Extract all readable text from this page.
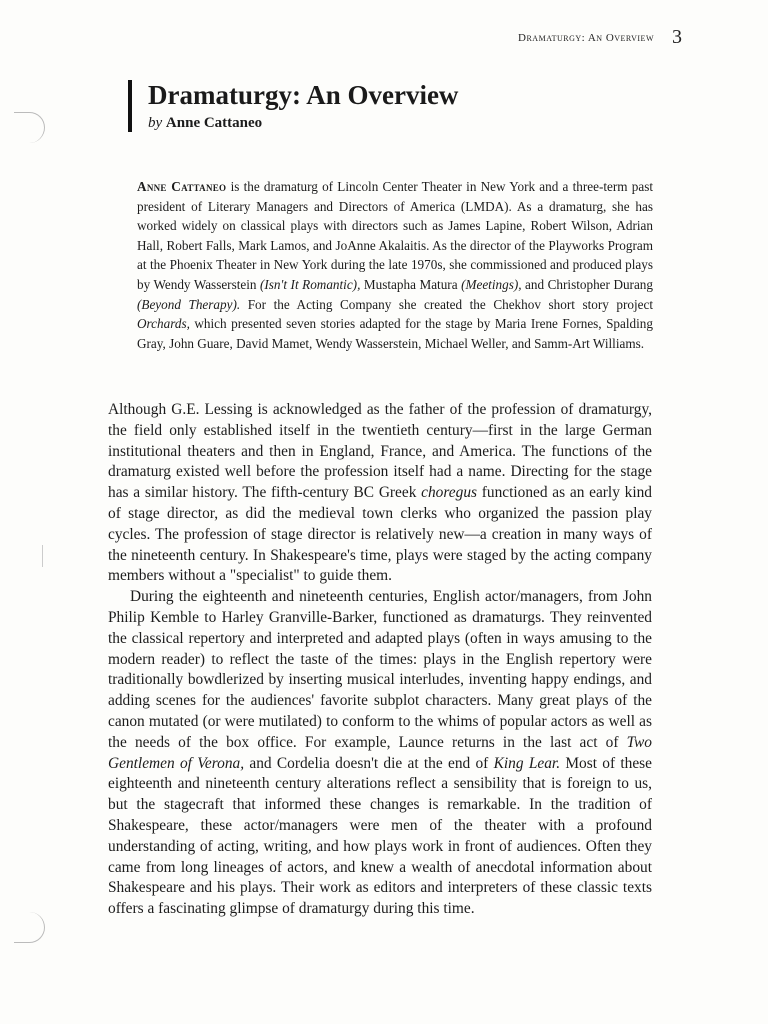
Dramaturgy: An Overview 3
Dramaturgy: An Overview
by Anne Cattaneo

Anne Cattaneo is the dramaturg of Lincoln Center Theater in New York and a three-term past president of Literary Managers and Directors of America (LMDA). As a dramaturg, she has worked widely on classical plays with directors such as James Lapine, Robert Wilson, Adrian Hall, Robert Falls, Mark Lamos, and JoAnne Akalaitis. As the director of the Playworks Program at the Phoenix Theater in New York during the late 1970s, she commissioned and produced plays by Wendy Wasserstein (Isn't It Romantic), Mustapha Matura (Meetings), and Christopher Durang (Beyond Therapy). For the Acting Company she created the Chekhov short story project Orchards, which presented seven stories adapted for the stage by Maria Irene Fornes, Spalding Gray, John Guare, David Mamet, Wendy Wasserstein, Michael Weller, and Samm-Art Williams.

Although G.E. Lessing is acknowledged as the father of the profession of dramaturgy, the field only established itself in the twentieth century—first in the large German institutional theaters and then in England, France, and America. The functions of the dramaturg existed well before the profession itself had a name. Directing for the stage has a similar history. The fifth-century BC Greek choregus functioned as an early kind of stage director, as did the medieval town clerks who organized the passion play cycles. The profession of stage director is relatively new—a creation in many ways of the nineteenth century. In Shakespeare's time, plays were staged by the acting company members without a "specialist" to guide them.

During the eighteenth and nineteenth centuries, English actor/managers, from John Philip Kemble to Harley Granville-Barker, functioned as dramaturgs. They reinvented the classical repertory and interpreted and adapted plays (often in ways amusing to the modern reader) to reflect the taste of the times: plays in the English repertory were traditionally bowdlerized by inserting musical interludes, inventing happy endings, and adding scenes for the audiences' favorite subplot characters. Many great plays of the canon mutated (or were mutilated) to conform to the whims of popular actors as well as the needs of the box office. For example, Launce returns in the last act of Two Gentlemen of Verona, and Cordelia doesn't die at the end of King Lear. Most of these eighteenth and nineteenth century alterations reflect a sensibility that is foreign to us, but the stagecraft that informed these changes is remarkable. In the tradition of Shakespeare, these actor/managers were men of the theater with a profound understanding of acting, writing, and how plays work in front of audiences. Often they came from long lineages of actors, and knew a wealth of anecdotal information about Shakespeare and his plays. Their work as editors and interpreters of these classic texts offers a fascinating glimpse of dramaturgy during this time.
